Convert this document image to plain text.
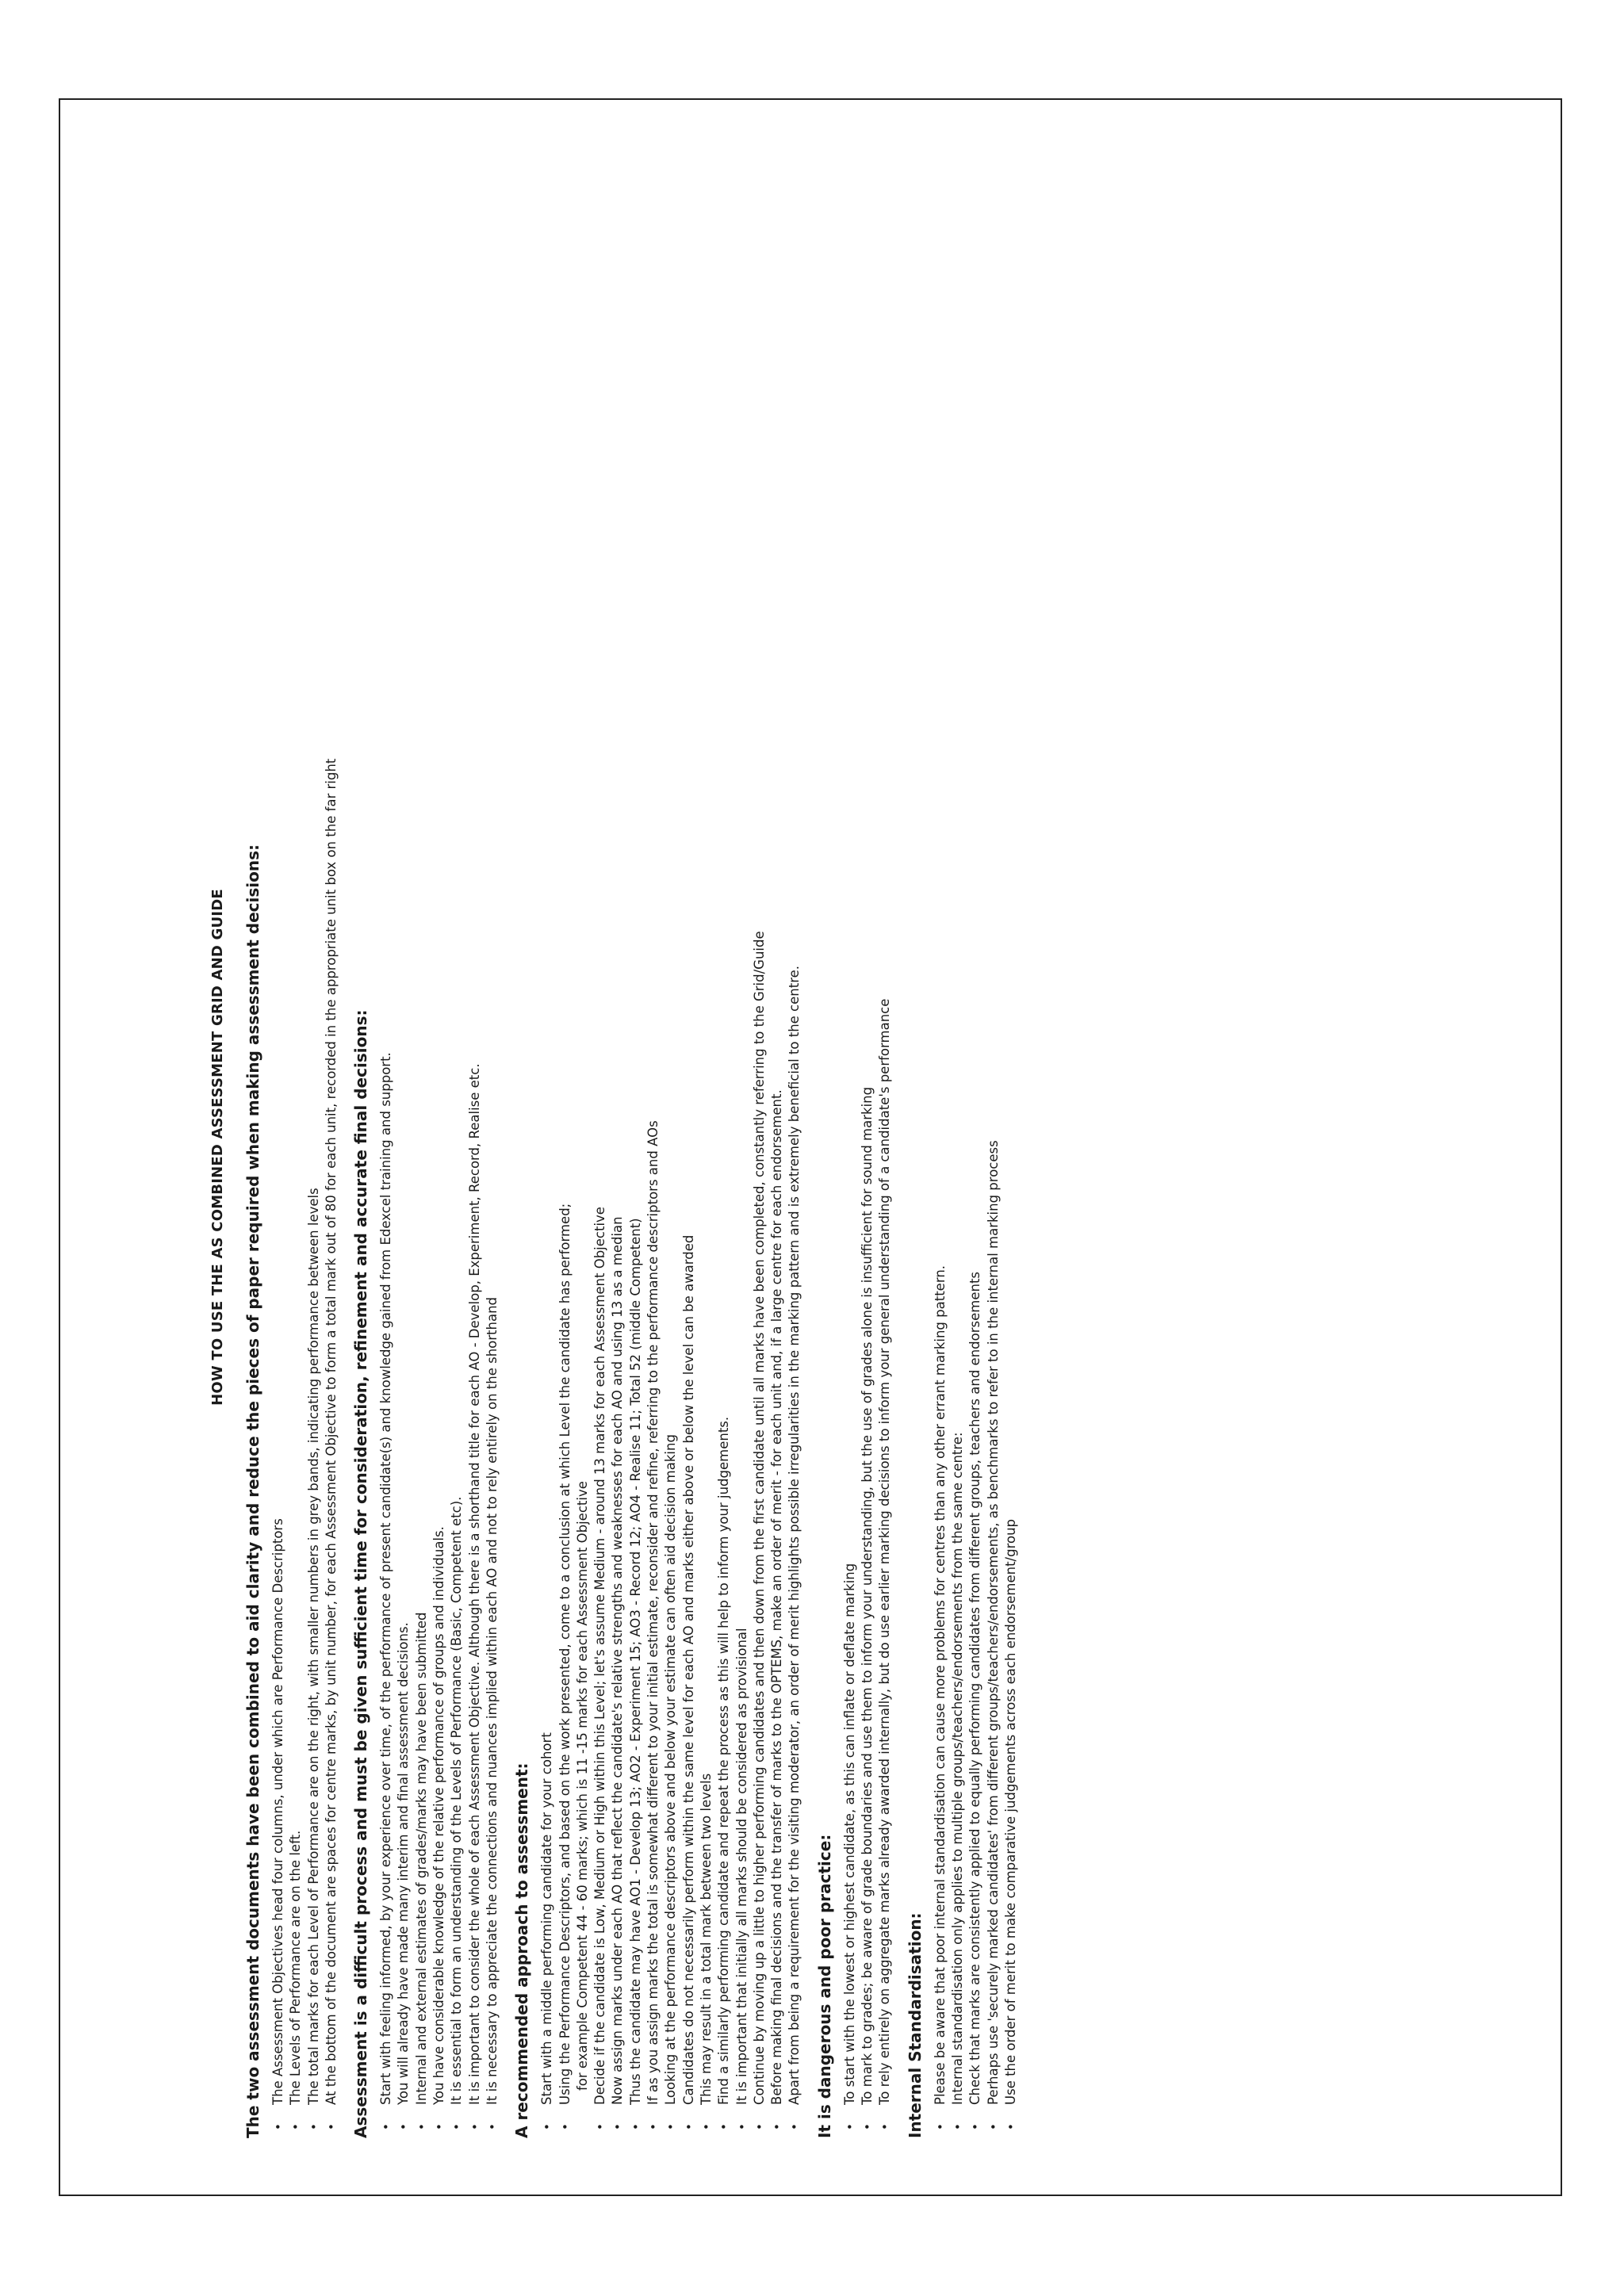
HOW TO USE THE AS COMBINED ASSESSMENT GRID AND GUIDE The two assessment documents have been combined to aid clarity and reduce the pieces of paper required when making assessment decisions: •
The Assessment Objectives head four columns, under which are Performance Descriptors
•
The Levels of Performance are on the left.
•
The total marks for each Level of Performance are on the right, with smaller numbers in grey bands, indicating performance between levels
•
At the bottom of the document are spaces for centre marks, by unit number, for each Assessment Objective to form a total mark out of 80 for each unit, recorded in the appropriate unit box on the far right Assessment is a difficult process and must be given sufficient time for consideration, refinement and accurate final decisions: •
Start with feeling informed, by your experience over time, of the performance of present candidate(s) and knowledge gained from Edexcel training and support.
•
You will already have made many interim and final assessment decisions.
•
Internal and external estimates of grades/marks may have been submitted
•
You have considerable knowledge of the relative performance of groups and individuals.
•
It is essential to form an understanding of the Levels of Performance (Basic, Competent etc).
•
It is important to consider the whole of each Assessment Objective. Although there is a shorthand title for each AO - Develop, Experiment, Record, Realise etc.
•
It is necessary to appreciate the connections and nuances implied within each AO and not to rely entirely on the shorthand A recommended approach to assessment: •
Start with a middle performing candidate for your cohort
•
Using the Performance Descriptors, and based on the work presented, come to a conclusion at which Level the candidate has performed; for example Competent 44 - 60 marks; which is 11 -15 marks for each Assessment Objective
•
Decide if the candidate is Low, Medium or High within this Level; let's assume Medium - around 13 marks for each Assessment Objective
•
Now assign marks under each AO that reflect the candidate's relative strengths and weaknesses for each AO and using 13 as a median
•
Thus the candidate may have AO1 - Develop 13; AO2 - Experiment 15; AO3 - Record 12; AO4 - Realise 11; Total 52 (middle Competent)
•
If as you assign marks the total is somewhat different to your initial estimate, reconsider and refine, referring to the performance descriptors and AOs
•
Looking at the performance descriptors above and below your estimate can often aid decision making
•
Candidates do not necessarily perform within the same level for each AO and marks either above or below the level can be awarded
•
This may result in a total mark between two levels
•
Find a similarly performing candidate and repeat the process as this will help to inform your judgements.
•
It is important that initially all marks should be considered as provisional
•
Continue by moving up a little to higher performing candidates and then down from the first candidate until all marks have been completed, constantly referring to the Grid/Guide
•
Before making final decisions and the transfer of marks to the OPTEMS, make an order of merit - for each unit and, if a large centre for each endorsement.
•
Apart from being a requirement for the visiting moderator, an order of merit highlights possible irregularities in the marking pattern and is extremely beneficial to the centre. It is dangerous and poor practice: •
To start with the lowest or highest candidate, as this can inflate or deflate marking
•
To mark to grades; be aware of grade boundaries and use them to inform your understanding, but the use of grades alone is insufficient for sound marking
•
To rely entirely on aggregate marks already awarded internally, but do use earlier marking decisions to inform your general understanding of a candidate's performance Internal Standardisation: •
Please be aware that poor internal standardisation can cause more problems for centres than any other errant marking pattern.
•
Internal standardisation only applies to multiple groups/teachers/endorsements from the same centre:
•
Check that marks are consistently applied to equally performing candidates from different groups, teachers and endorsements
•
Perhaps use 'securely marked candidates' from different groups/teachers/endorsements, as benchmarks to refer to in the internal marking process
•
Use the order of merit to make comparative judgements across each endorsement/group
